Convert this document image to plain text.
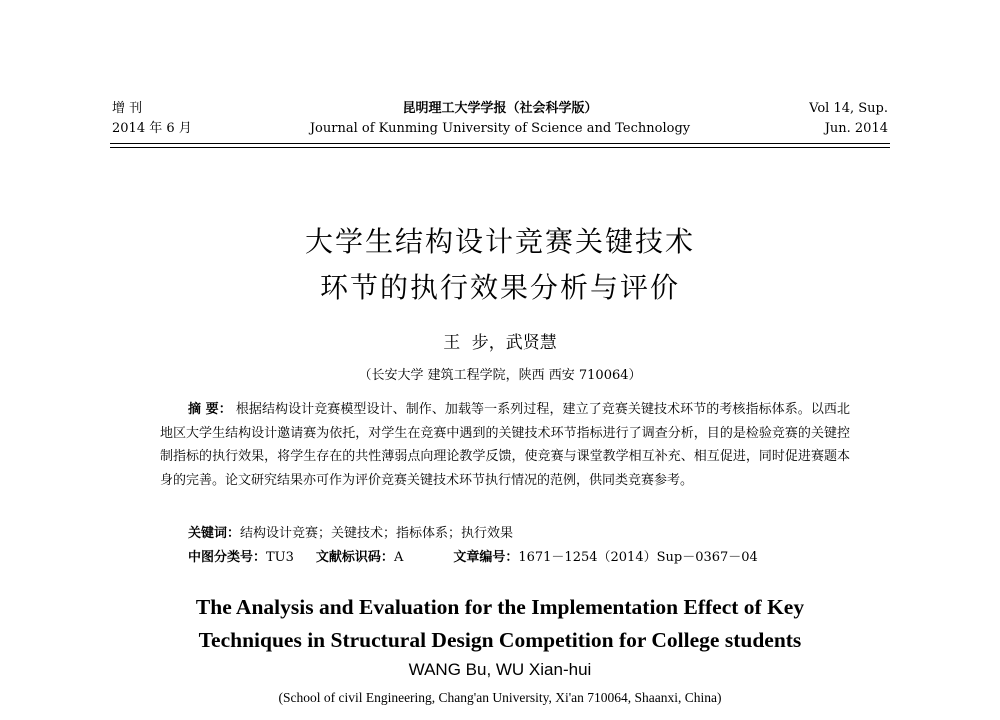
增 刊
2014 年 6 月
昆明理工大学学报（社会科学版）
Journal of Kunming University of Science and Technology
Vol 14, Sup.
Jun. 2014
大学生结构设计竞赛关键技术
环节的执行效果分析与评价
王 步，武贤慧
（长安大学 建筑工程学院，陕西 西安 710064）
摘 要： 根据结构设计竞赛模型设计、制作、加载等一系列过程，建立了竞赛关键技术环节的考核指标体系。以西北地区大学生结构设计邀请赛为依托，对学生在竞赛中遇到的关键技术环节指标进行了调查分析，目的是检验竞赛的关键控制指标的执行效果，将学生存在的共性薄弱点向理论教学反馈，使竞赛与课堂教学相互补充、相互促进，同时促进赛题本身的完善。论文研究结果亦可作为评价竞赛关键技术环节执行情况的范例，供同类竞赛参考。
关键词：结构设计竞赛；关键技术；指标体系；执行效果
中图分类号：TU3 文献标识码：A	文章编号：1671－1254（2014）Sup－0367－04
The Analysis and Evaluation for the Implementation Effect of Key
Techniques in Structural Design Competition for College students
WANG Bu, WU Xian-hui
(School of civil Engineering, Chang'an University, Xi'an 710064, Shaanxi, China)
